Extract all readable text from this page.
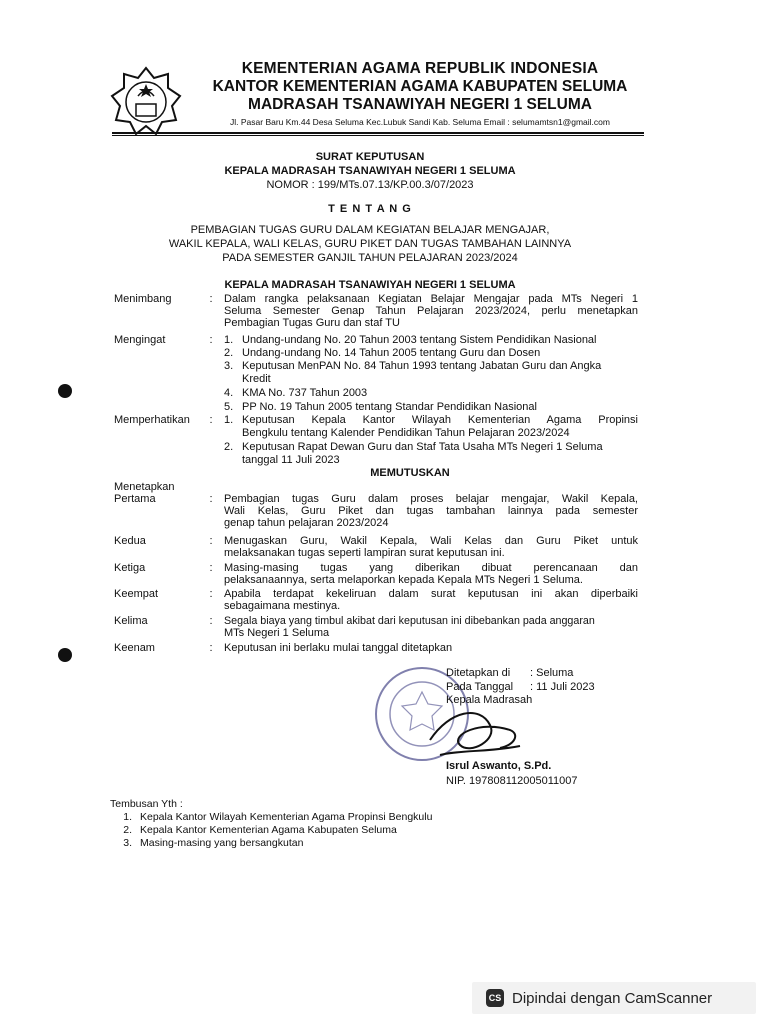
KEMENTERIAN AGAMA REPUBLIK INDONESIA
KANTOR KEMENTERIAN AGAMA KABUPATEN SELUMA
MADRASAH TSANAWIYAH NEGERI 1 SELUMA
Jl. Pasar Baru Km.44 Desa Seluma Kec.Lubuk Sandi Kab. Seluma Email : selumamtsn1@gmail.com
SURAT KEPUTUSAN
KEPALA MADRASAH TSANAWIYAH NEGERI 1 SELUMA
NOMOR : 199/MTs.07.13/KP.00.3/07/2023
T E N T A N G
PEMBAGIAN TUGAS GURU DALAM KEGIATAN BELAJAR MENGAJAR,
WAKIL KEPALA, WALI KELAS, GURU PIKET DAN TUGAS TAMBAHAN LAINNYA
PADA SEMESTER GANJIL TAHUN PELAJARAN 2023/2024
KEPALA MADRASAH TSANAWIYAH NEGERI 1 SELUMA
Menimbang	:	Dalam rangka pelaksanaan Kegiatan Belajar Mengajar pada MTs Negeri 1
Seluma Semester Genap Tahun Pelajaran 2023/2024, perlu menetapkan
Pembagian Tugas Guru dan staf TU
Mengingat	:	1. Undang-undang No. 20 Tahun 2003 tentang Sistem Pendidikan Nasional
2. Undang-undang No. 14 Tahun 2005 tentang Guru dan Dosen
3. Keputusan MenPAN No. 84 Tahun 1993 tentang Jabatan Guru dan Angka
Kredit
4. KMA No. 737 Tahun 2003
5. PP No. 19 Tahun 2005 tentang Standar Pendidikan Nasional
Memperhatikan	:	1. Keputusan Kepala Kantor Wilayah Kementerian Agama Propinsi
Bengkulu tentang Kalender Pendidikan Tahun Pelajaran 2023/2024
2. Keputusan Rapat Dewan Guru dan Staf Tata Usaha MTs Negeri 1 Seluma
tanggal 11 Juli 2023
MEMUTUSKAN
Menetapkan
Pertama	:	Pembagian tugas Guru dalam proses belajar mengajar, Wakil Kepala,
Wali Kelas, Guru Piket dan tugas tambahan lainnya pada semester
genap tahun pelajaran 2023/2024
Kedua	:	Menugaskan Guru, Wakil Kepala, Wali Kelas dan Guru Piket untuk
melaksanakan tugas seperti lampiran surat keputusan ini.
Ketiga	:	Masing-masing tugas yang diberikan dibuat perencanaan dan
pelaksanaannya, serta melaporkan kepada Kepala MTs Negeri 1 Seluma.
Keempat	:	Apabila terdapat kekeliruan dalam surat keputusan ini akan diperbaiki
sebagaimana mestinya.
Kelima	:	Segala biaya yang timbul akibat dari keputusan ini dibebankan pada anggaran
MTs Negeri 1 Seluma
Keenam	:	Keputusan ini berlaku mulai tanggal ditetapkan
Ditetapkan di : Seluma
Pada Tanggal : 11 Juli 2023
Kepala Madrasah
Isrul Aswanto, S.Pd.
NIP. 197808112005011007
Tembusan Yth :
1. Kepala Kantor Wilayah Kementerian Agama Propinsi Bengkulu
2. Kepala Kantor Kementerian Agama Kabupaten Seluma
3. Masing-masing yang bersangkutan
CS Dipindai dengan CamScanner
